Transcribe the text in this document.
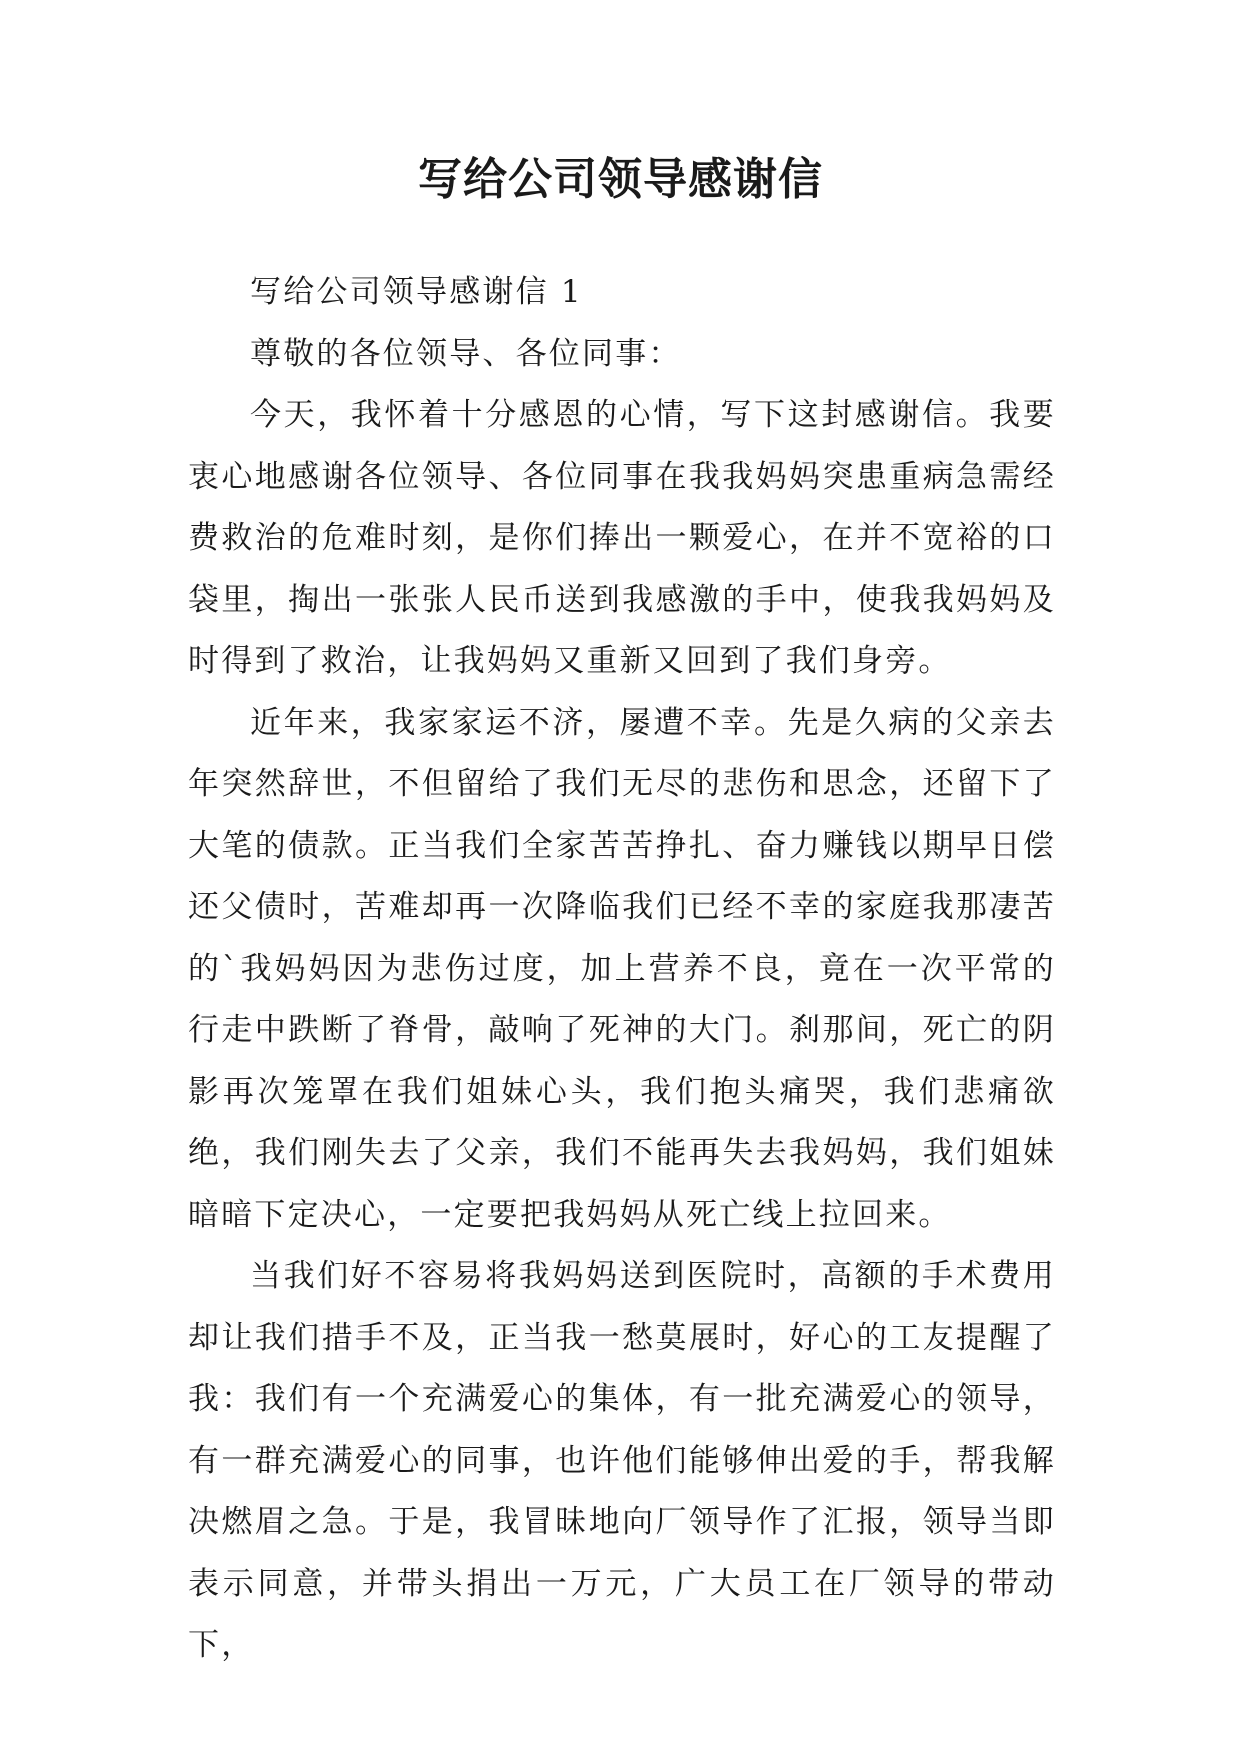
写给公司领导感谢信

写给公司领导感谢信 1

尊敬的各位领导、各位同事：

今天，我怀着十分感恩的心情，写下这封感谢信。我要衷心地感谢各位领导、各位同事在我我妈妈突患重病急需经费救治的危难时刻，是你们捧出一颗爱心，在并不宽裕的口袋里，掏出一张张人民币送到我感激的手中，使我我妈妈及时得到了救治，让我妈妈又重新又回到了我们身旁。

近年来，我家家运不济，屡遭不幸。先是久病的父亲去年突然辞世，不但留给了我们无尽的悲伤和思念，还留下了大笔的债款。正当我们全家苦苦挣扎、奋力赚钱以期早日偿还父债时，苦难却再一次降临我们已经不幸的家庭我那凄苦的`我妈妈因为悲伤过度，加上营养不良，竟在一次平常的行走中跌断了脊骨，敲响了死神的大门。刹那间，死亡的阴影再次笼罩在我们姐妹心头，我们抱头痛哭，我们悲痛欲绝，我们刚失去了父亲，我们不能再失去我妈妈，我们姐妹暗暗下定决心，一定要把我妈妈从死亡线上拉回来。

当我们好不容易将我妈妈送到医院时，高额的手术费用却让我们措手不及，正当我一愁莫展时，好心的工友提醒了我：我们有一个充满爱心的集体，有一批充满爱心的领导，有一群充满爱心的同事，也许他们能够伸出爱的手，帮我解决燃眉之急。于是，我冒昧地向厂领导作了汇报，领导当即表示同意，并带头捐出一万元，广大员工在厂领导的带动下，
